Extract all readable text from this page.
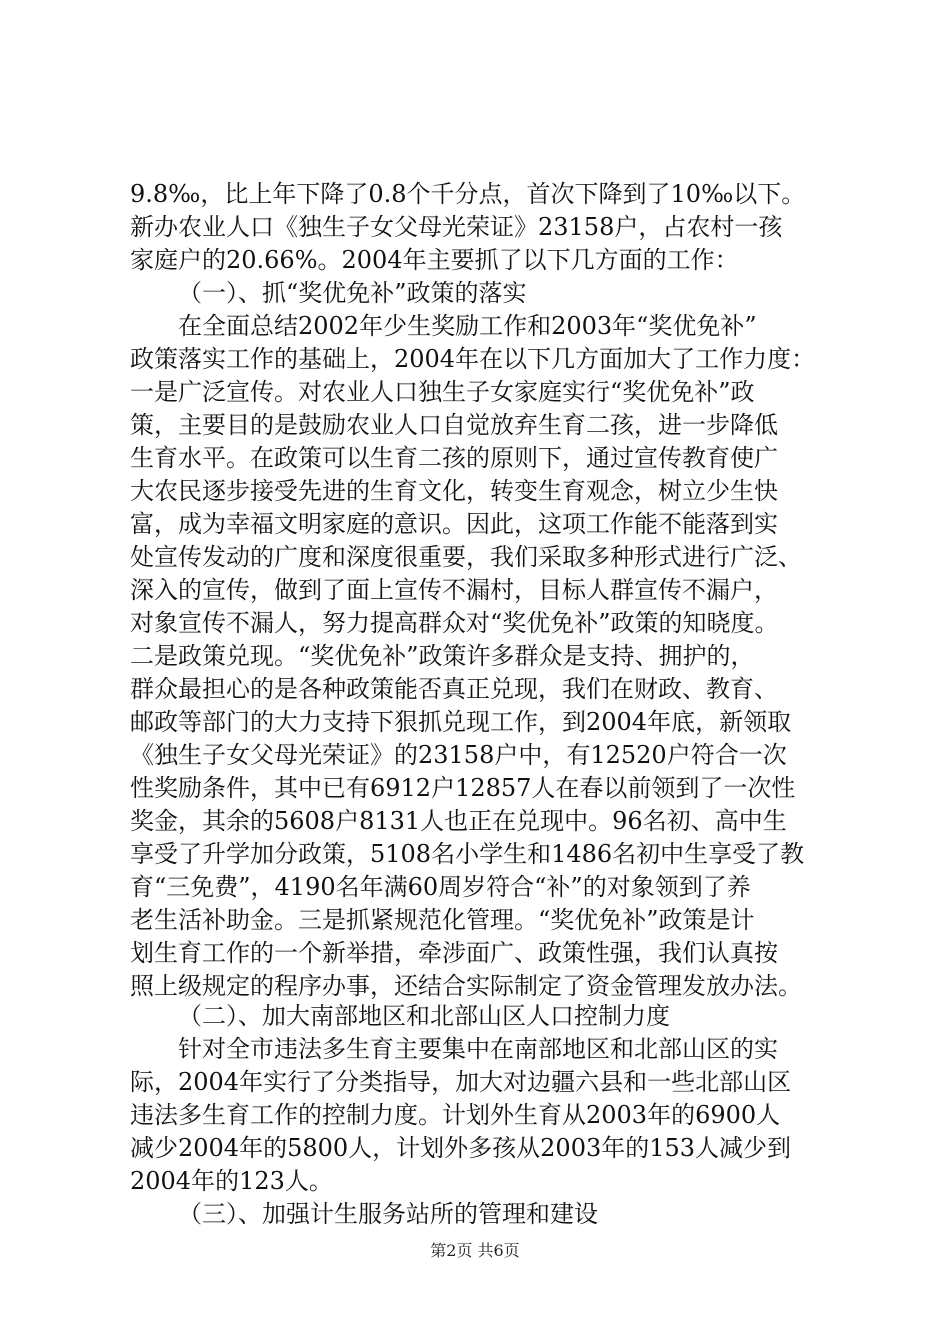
9.8‰，比上年下降了0.8个千分点，首次下降到了10‰以下。
新办农业人口《独生子女父母光荣证》23158户，占农村一孩
家庭户的20.66%。2004年主要抓了以下几方面的工作：
（一）、抓“奖优免补”政策的落实
在全面总结2002年少生奖励工作和2003年“奖优免补”
政策落实工作的基础上，2004年在以下几方面加大了工作力度：
一是广泛宣传。对农业人口独生子女家庭实行“奖优免补”政
策，主要目的是鼓励农业人口自觉放弃生育二孩，进一步降低
生育水平。在政策可以生育二孩的原则下，通过宣传教育使广
大农民逐步接受先进的生育文化，转变生育观念，树立少生快
富，成为幸福文明家庭的意识。因此，这项工作能不能落到实
处宣传发动的广度和深度很重要，我们采取多种形式进行广泛、
深入的宣传，做到了面上宣传不漏村，目标人群宣传不漏户，
对象宣传不漏人，努力提高群众对“奖优免补”政策的知晓度。
二是政策兑现。“奖优免补”政策许多群众是支持、拥护的，
群众最担心的是各种政策能否真正兑现，我们在财政、教育、
邮政等部门的大力支持下狠抓兑现工作，到2004年底，新领取
《独生子女父母光荣证》的23158户中，有12520户符合一次
性奖励条件，其中已有6912户12857人在春以前领到了一次性
奖金，其余的5608户8131人也正在兑现中。96名初、高中生
享受了升学加分政策，5108名小学生和1486名初中生享受了教
育“三免费”，4190名年满60周岁符合“补”的对象领到了养
老生活补助金。三是抓紧规范化管理。“奖优免补”政策是计
划生育工作的一个新举措，牵涉面广、政策性强，我们认真按
照上级规定的程序办事，还结合实际制定了资金管理发放办法。
（二）、加大南部地区和北部山区人口控制力度
针对全市违法多生育主要集中在南部地区和北部山区的实
际，2004年实行了分类指导，加大对边疆六县和一些北部山区
违法多生育工作的控制力度。计划外生育从2003年的6900人
减少2004年的5800人，计划外多孩从2003年的153人减少到
2004年的123人。
（三）、加强计生服务站所的管理和建设
第2页 共6页
